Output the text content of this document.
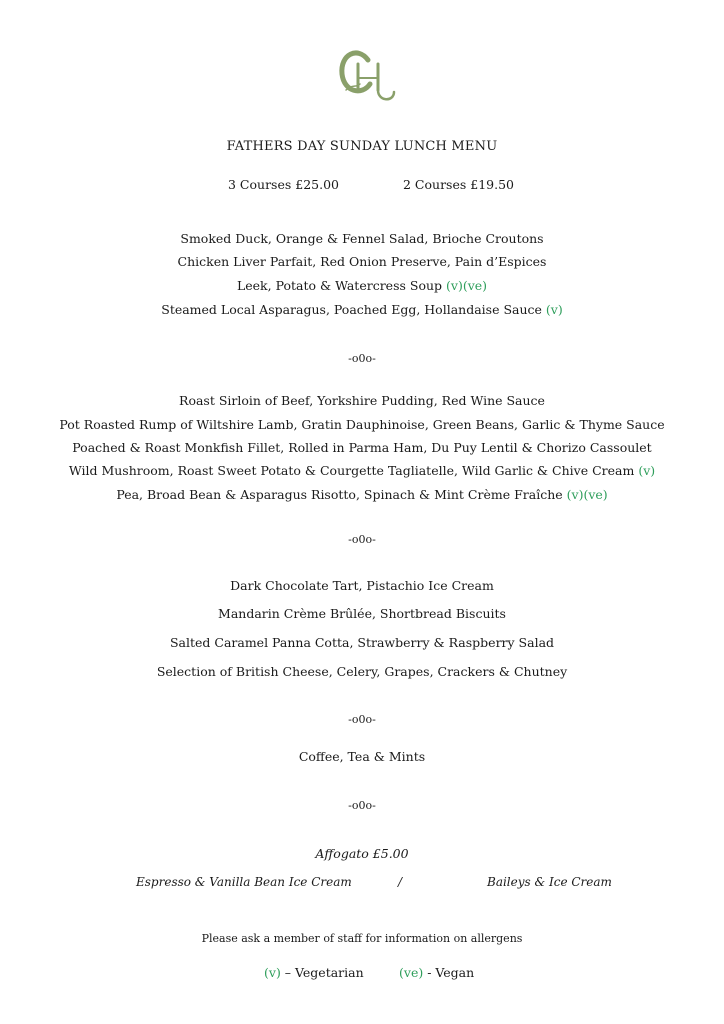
FATHERS DAY SUNDAY LUNCH MENU
3 Courses £25.00	2 Courses £19.50
Smoked Duck, Orange & Fennel Salad, Brioche Croutons
Chicken Liver Parfait, Red Onion Preserve, Pain d’Espices
Leek, Potato & Watercress Soup (v)(ve)
Steamed Local Asparagus, Poached Egg, Hollandaise Sauce (v)
-o0o-
Roast Sirloin of Beef, Yorkshire Pudding, Red Wine Sauce
Pot Roasted Rump of Wiltshire Lamb, Gratin Dauphinoise, Green Beans, Garlic & Thyme Sauce
Poached & Roast Monkfish Fillet, Rolled in Parma Ham, Du Puy Lentil & Chorizo Cassoulet
Wild Mushroom, Roast Sweet Potato & Courgette Tagliatelle, Wild Garlic & Chive Cream (v)
Pea, Broad Bean & Asparagus Risotto, Spinach & Mint Crème Fraîche (v)(ve)
-o0o-
Dark Chocolate Tart, Pistachio Ice Cream
Mandarin Crème Brûlée, Shortbread Biscuits
Salted Caramel Panna Cotta, Strawberry & Raspberry Salad
Selection of British Cheese, Celery, Grapes, Crackers & Chutney
-o0o-
Coffee, Tea & Mints
-o0o-
Affogato £5.00
Espresso & Vanilla Bean Ice Cream	/	Baileys & Ice Cream
Please ask a member of staff for information on allergens
(v) – Vegetarian	(ve) - Vegan
